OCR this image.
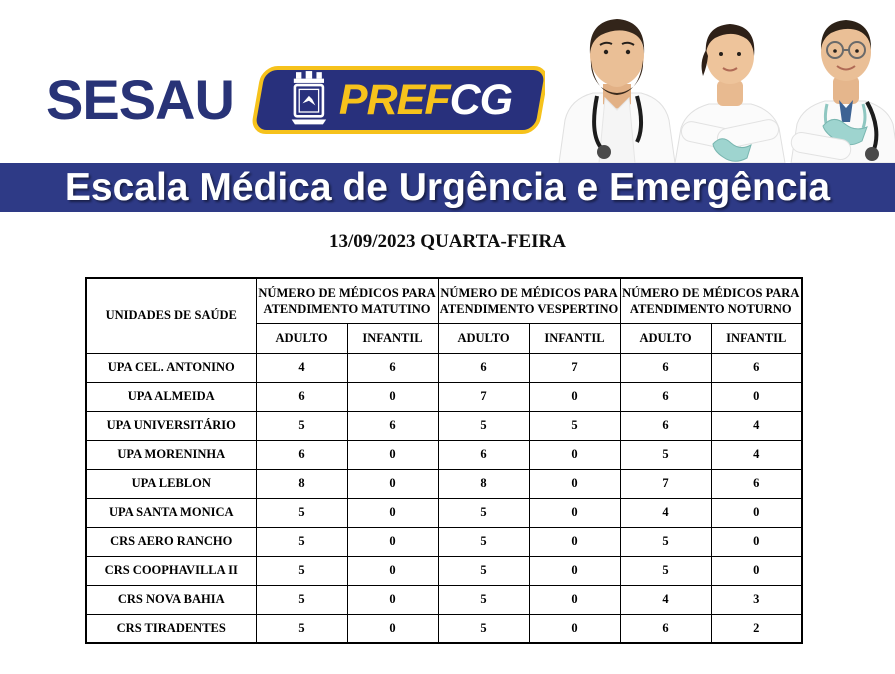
SESAU PREFCG
Escala Médica de Urgência e Emergência
13/09/2023 QUARTA-FEIRA
UNIDADES DE SAÚDE	NÚMERO DE MÉDICOS PARA ATENDIMENTO MATUTINO		NÚMERO DE MÉDICOS PARA ATENDIMENTO VESPERTINO		NÚMERO DE MÉDICOS PARA ATENDIMENTO NOTURNO	
	ADULTO	INFANTIL	ADULTO	INFANTIL	ADULTO	INFANTIL
UPA CEL. ANTONINO	4	6	6	7	6	6
UPA ALMEIDA	6	0	7	0	6	0
UPA UNIVERSITÁRIO	5	6	5	5	6	4
UPA MORENINHA	6	0	6	0	5	4
UPA LEBLON	8	0	8	0	7	6
UPA SANTA MONICA	5	0	5	0	4	0
CRS AERO RANCHO	5	0	5	0	5	0
CRS COOPHAVILLA II	5	0	5	0	5	0
CRS NOVA BAHIA	5	0	5	0	4	3
CRS TIRADENTES	5	0	5	0	6	2
